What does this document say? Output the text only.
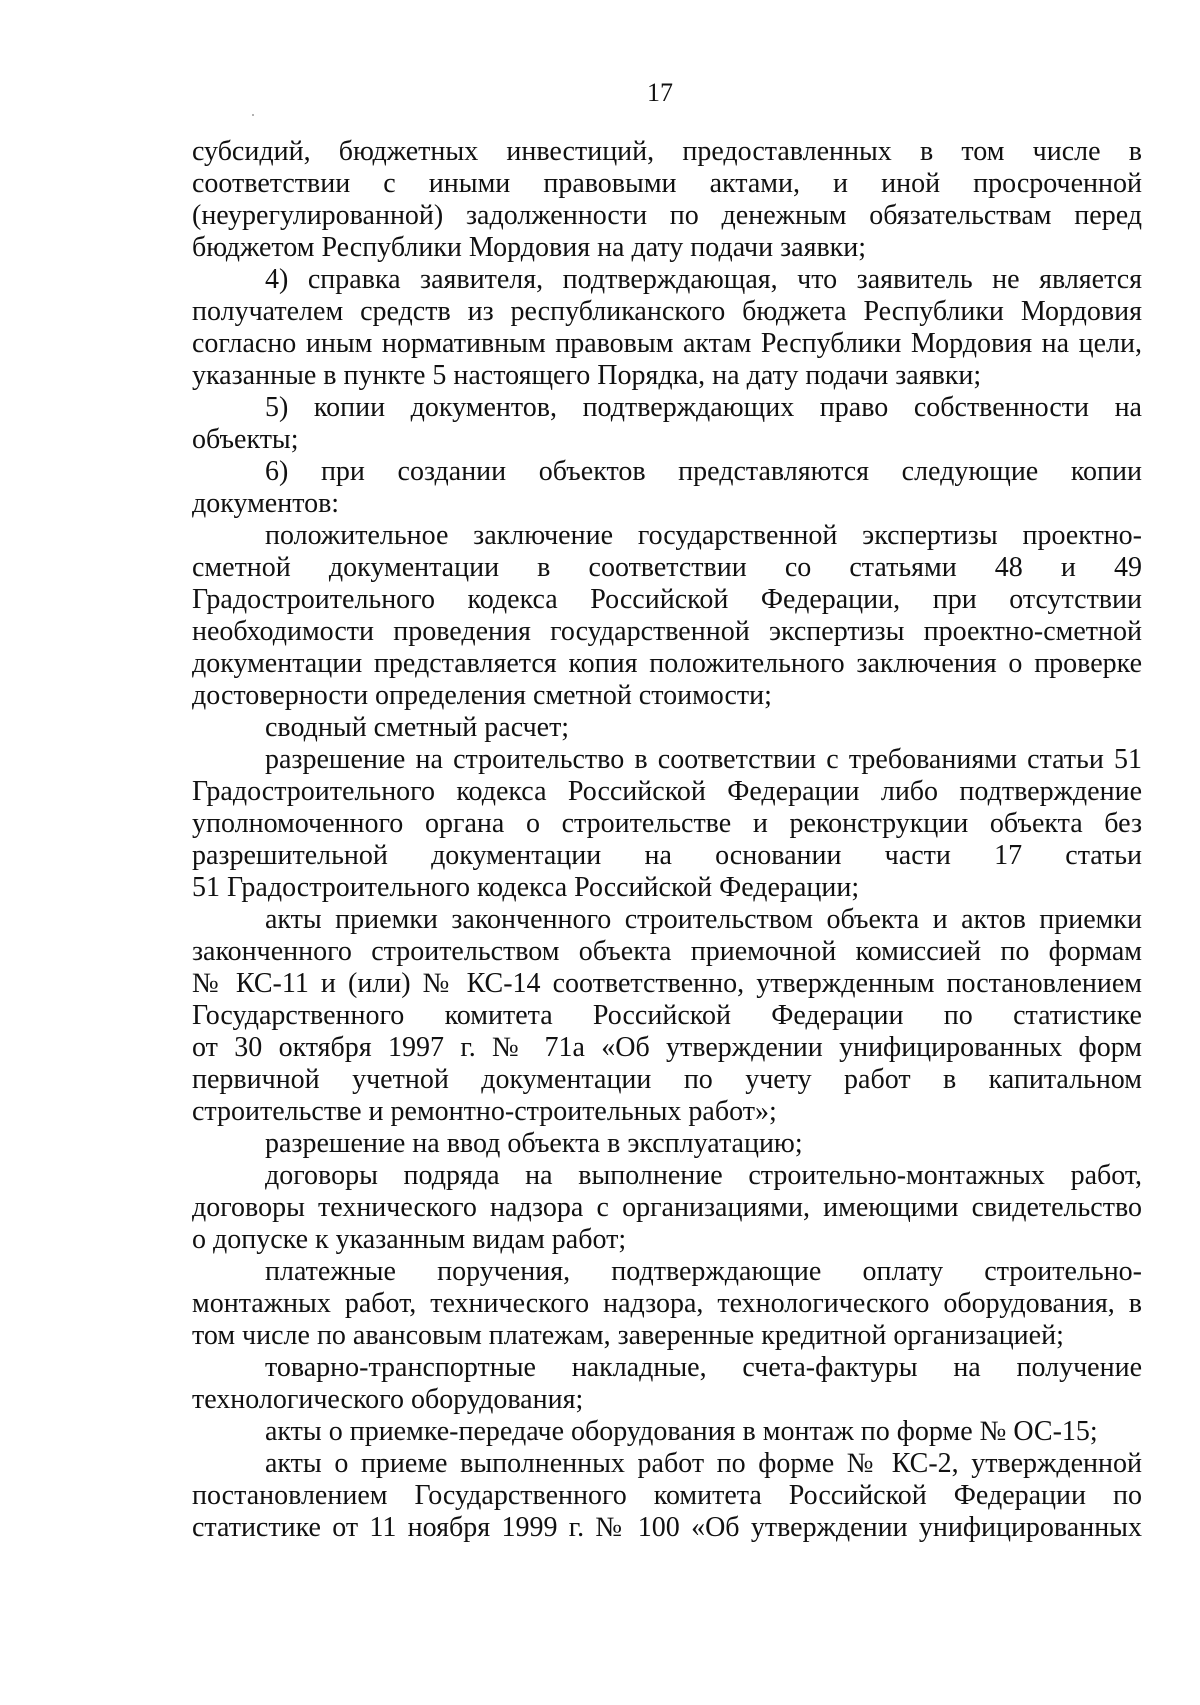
17
субсидий, бюджетных инвестиций, предоставленных в том числе в
соответствии с иными правовыми актами, и иной просроченной
(неурегулированной) задолженности по денежным обязательствам перед
бюджетом Республики Мордовия на дату подачи заявки;
4) справка заявителя, подтверждающая, что заявитель не является
получателем средств из республиканского бюджета Республики Мордовия
согласно иным нормативным правовым актам Республики Мордовия на цели,
указанные в пункте 5 настоящего Порядка, на дату подачи заявки;
5) копии документов, подтверждающих право собственности на
объекты;
6) при создании объектов представляются следующие копии
документов:
положительное заключение государственной экспертизы проектно-
сметной документации в соответствии со статьями 48 и 49
Градостроительного кодекса Российской Федерации, при отсутствии
необходимости проведения государственной экспертизы проектно-сметной
документации представляется копия положительного заключения о проверке
достоверности определения сметной стоимости;
сводный сметный расчет;
разрешение на строительство в соответствии с требованиями статьи 51
Градостроительного кодекса Российской Федерации либо подтверждение
уполномоченного органа о строительстве и реконструкции объекта без
разрешительной документации на основании части 17 статьи
51 Градостроительного кодекса Российской Федерации;
акты приемки законченного строительством объекта и актов приемки
законченного строительством объекта приемочной комиссией по формам
№ КС-11 и (или) № КС-14 соответственно, утвержденным постановлением
Государственного комитета Российской Федерации по статистике
от 30 октября 1997 г. № 71а «Об утверждении унифицированных форм
первичной учетной документации по учету работ в капитальном
строительстве и ремонтно-строительных работ»;
разрешение на ввод объекта в эксплуатацию;
договоры подряда на выполнение строительно-монтажных работ,
договоры технического надзора с организациями, имеющими свидетельство
о допуске к указанным видам работ;
платежные поручения, подтверждающие оплату строительно-
монтажных работ, технического надзора, технологического оборудования, в
том числе по авансовым платежам, заверенные кредитной организацией;
товарно-транспортные накладные, счета-фактуры на получение
технологического оборудования;
акты о приемке-передаче оборудования в монтаж по форме № ОС-15;
акты о приеме выполненных работ по форме № КС-2, утвержденной
постановлением Государственного комитета Российской Федерации по
статистике от 11 ноября 1999 г. № 100 «Об утверждении унифицированных
